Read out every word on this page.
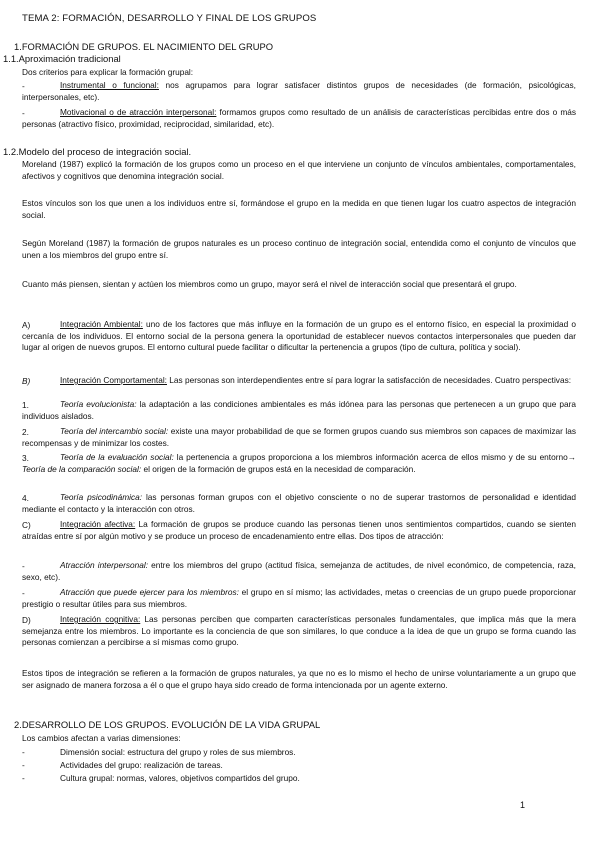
TEMA 2: FORMACIÓN, DESARROLLO Y FINAL DE LOS GRUPOS
1.FORMACIÓN DE GRUPOS. EL NACIMIENTO DEL GRUPO
1.1.Aproximación tradicional
Dos criterios para explicar la formación grupal:
-	Instrumental o funcional: nos agrupamos para lograr satisfacer distintos grupos de necesidades (de formación, psicológicas, interpersonales, etc).
-	Motivacional o de atracción interpersonal: formamos grupos como resultado de un análisis de características percibidas entre dos o más personas (atractivo físico, proximidad, reciprocidad, similaridad, etc).
1.2.Modelo del proceso de integración social.
Moreland (1987) explicó la formación de los grupos como un proceso en el que interviene un conjunto de vínculos ambientales, comportamentales, afectivos y cognitivos que denomina integración social.
Estos vínculos son los que unen a los individuos entre sí, formándose el grupo en la medida en que tienen lugar los cuatro aspectos de integración social.
Según Moreland (1987) la formación de grupos naturales es un proceso continuo de integración social, entendida como el conjunto de vínculos que unen a los miembros del grupo entre sí.
Cuanto más piensen, sientan y actúen los miembros como un grupo, mayor será el nivel de interacción social que presentará el grupo.
A)	Integración Ambiental: uno de los factores que más influye en la formación de un grupo es el entorno físico, en especial la proximidad o cercanía de los individuos. El entorno social de la persona genera la oportunidad de establecer nuevos contactos interpersonales que pueden dar lugar al origen de nuevos grupos. El entorno cultural puede facilitar o dificultar la pertenencia a grupos (tipo de cultura, política y social).
B)	Integración Comportamental: Las personas son interdependientes entre sí para lograr la satisfacción de necesidades. Cuatro perspectivas:
1.	Teoría evolucionista: la adaptación a las condiciones ambientales es más idónea para las personas que pertenecen a un grupo que para individuos aislados.
2.	Teoría del intercambio social: existe una mayor probabilidad de que se formen grupos cuando sus miembros son capaces de maximizar las recompensas y de minimizar los costes.
3.	Teoría de la evaluación social: la pertenencia a grupos proporciona a los miembros información acerca de ellos mismo y de su entorno→ Teoría de la comparación social: el origen de la formación de grupos está en la necesidad de comparación.
4.	Teoría psicodinámica: las personas forman grupos con el objetivo consciente o no de superar trastornos de personalidad e identidad mediante el contacto y la interacción con otros.
C)	Integración afectiva: La formación de grupos se produce cuando las personas tienen unos sentimientos compartidos, cuando se sienten atraídas entre sí por algún motivo y se produce un proceso de encadenamiento entre ellas. Dos tipos de atracción:
-	Atracción interpersonal: entre los miembros del grupo (actitud física, semejanza de actitudes, de nivel económico, de competencia, raza, sexo, etc).
-	Atracción que puede ejercer para los miembros: el grupo en sí mismo; las actividades, metas o creencias de un grupo puede proporcionar prestigio o resultar útiles para sus miembros.
D)	Integración cognitiva: Las personas perciben que comparten características personales fundamentales, que implica más que la mera semejanza entre los miembros. Lo importante es la conciencia de que son similares, lo que conduce a la idea de que un grupo se forma cuando las personas comienzan a percibirse a sí mismas como grupo.
Estos tipos de integración se refieren a la formación de grupos naturales, ya que no es lo mismo el hecho de unirse voluntariamente a un grupo que ser asignado de manera forzosa a él o que el grupo haya sido creado de forma intencionada por un agente externo.
2.DESARROLLO DE LOS GRUPOS. EVOLUCIÓN DE LA VIDA GRUPAL
Los cambios afectan a varias dimensiones:
-	Dimensión social: estructura del grupo y roles de sus miembros.
-	Actividades del grupo: realización de tareas.
-	Cultura grupal: normas, valores, objetivos compartidos del grupo.
1
